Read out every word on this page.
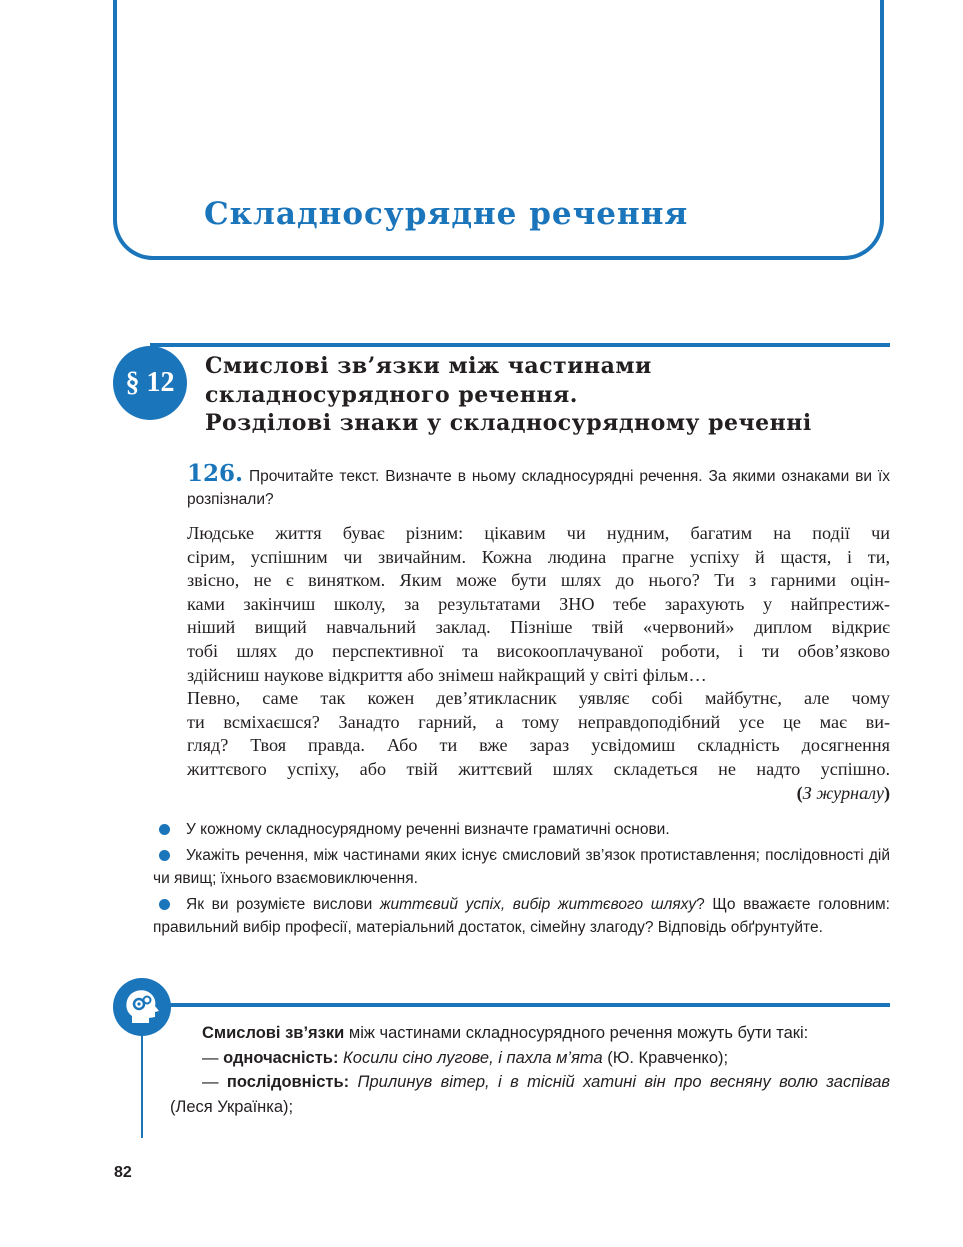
Складносурядне речення
§ 12
Смислові зв’язки між частинами
складносурядного речення.
Розділові знаки у складносурядному реченні

126. Прочитайте текст. Визначте в ньому складносурядні речення. За якими ознаками ви їх розпізнали?

Людське життя буває різним: цікавим чи нудним, багатим на події чи

сірим, успішним чи звичайним. Кожна людина прагне успіху й щастя, і ти,

звісно, не є винятком. Яким може бути шлях до нього? Ти з гарними оцін-

ками закінчиш школу, за результатами ЗНО тебе зарахують у найпрестиж-

ніший вищий навчальний заклад. Пізніше твій «червоний» диплом відкриє

тобі шлях до перспективної та високооплачуваної роботи, і ти обов’язково

здійсниш наукове відкриття або знімеш найкращий у світі фільм…

Певно, саме так кожен дев’ятикласник уявляє собі майбутнє, але чому

ти всміхаєшся? Занадто гарний, а тому неправдоподібний усе це має ви-

гляд? Твоя правда. Або ти вже зараз усвідомиш складність досягнення

життєвого успіху, або твій життєвий шлях складеться не надто успішно.

(З журналу)

У кожному складносурядному реченні визначте граматичні основи.

Укажіть речення, між частинами яких існує смисловий зв’язок протиставлення; послідовності дій чи явищ; їхнього взаємовиключення.

Як ви розумієте вислови життєвий успіх, вибір життєвого шляху? Що вважаєте головним: правильний вибір професії, матеріальний достаток, сімейну злагоду? Відповідь обґрунтуйте.

Смислові зв’язки між частинами складносурядного речення можуть бути такі:

— одночасність: Косили сіно лугове, і пахла м’ята (Ю. Кравченко);

— послідовність: Прилинув вітер, і в тісній хатині він про весняну волю заспівав (Леся Українка);

82
